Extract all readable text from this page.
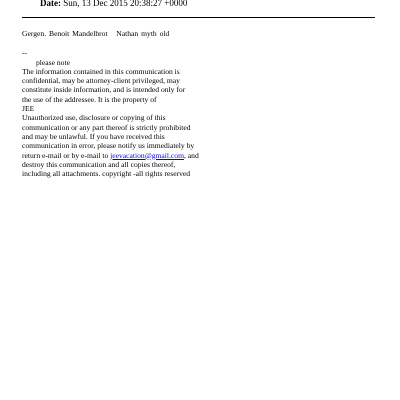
Date: Sun, 13 Dec 2015 20:38:27 +0000
Gergen. Benoit Mandelbrot Nathan myth old
--
please note
The information contained in this communication is
confidential, may be attorney-client privileged, may
constitute inside information, and is intended only for
the use of the addressee. It is the property of
JEE
Unauthorized use, disclosure or copying of this
communication or any part thereof is strictly prohibited
and may be unlawful. If you have received this
communication in error, please notify us immediately by
return e-mail or by e-mail to jeevacation@gmail.com, and
destroy this communication and all copies thereof,
including all attachments. copyright -all rights reserved
